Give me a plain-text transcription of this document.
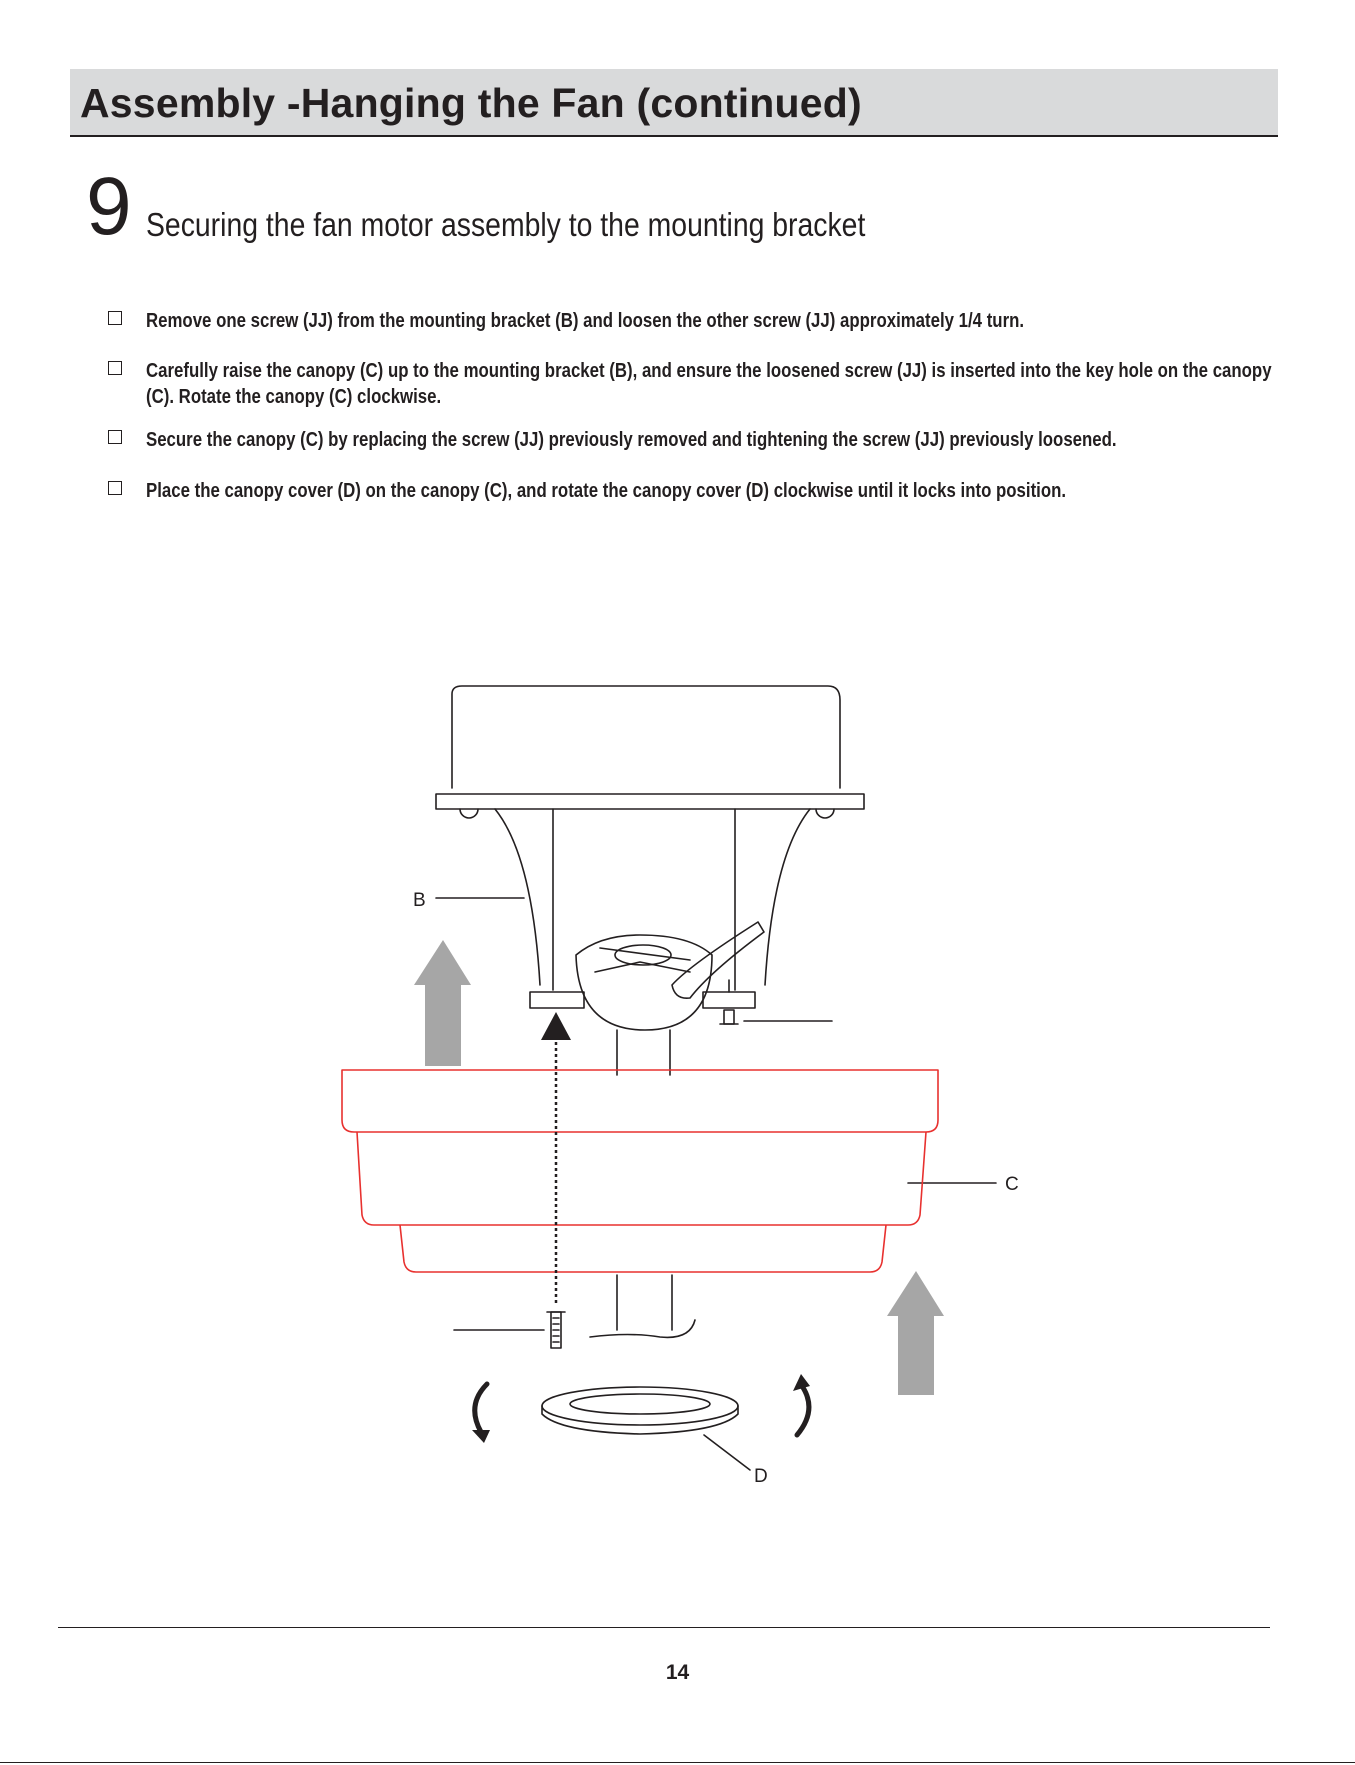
Assembly -Hanging the Fan (continued)
9 Securing the fan motor assembly to the mounting bracket
Remove one screw (JJ) from the mounting bracket (B) and loosen the other screw (JJ) approximately 1/4 turn.
Carefully raise the canopy (C) up to the mounting bracket (B), and ensure the loosened screw (JJ) is inserted into the key hole on the canopy (C). Rotate the canopy (C) clockwise.
Secure the canopy (C) by replacing the screw (JJ) previously removed and tightening the screw (JJ) previously loosened.
Place the canopy cover (D) on the canopy (C), and rotate the canopy cover (D) clockwise until it locks into position.
B
C
D
14
